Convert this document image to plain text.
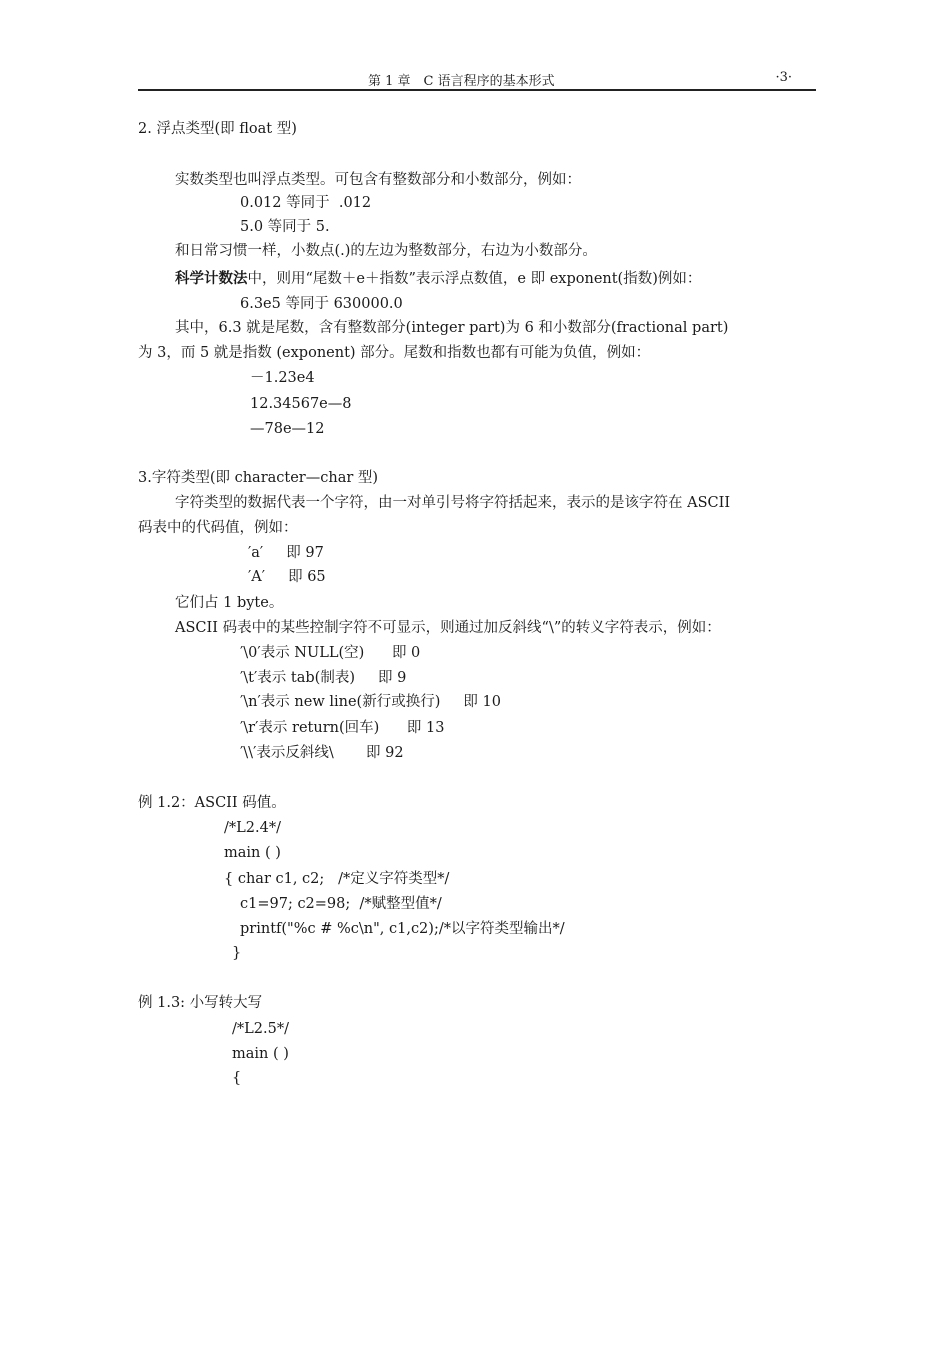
第 1 章　C 语言程序的基本形式	·3·
2. 浮点类型(即 float 型)
实数类型也叫浮点类型。可包含有整数部分和小数部分，例如：
0.012 等同于  .012
5.0 等同于 5.
和日常习惯一样，小数点(.)的左边为整数部分，右边为小数部分。
科学计数法中，则用“尾数＋e＋指数”表示浮点数值，e 即 exponent(指数)例如：
6.3e5 等同于 630000.0
其中，6.3 就是尾数，含有整数部分(integer part)为 6 和小数部分(fractional part)
为 3，而 5 就是指数 (exponent) 部分。尾数和指数也都有可能为负值，例如：
－1.23e4
12.34567e—8
—78e—12
3.字符类型(即 character—char 型)
字符类型的数据代表一个字符，由一对单引号将字符括起来，表示的是该字符在 ASCII
码表中的代码值，例如：
′a′     即 97
′A′     即 65
它们占 1 byte。
ASCII 码表中的某些控制字符不可显示，则通过加反斜线“\”的转义字符表示，例如：
′\0′表示 NULL(空)      即 0
′\t′表示 tab(制表)     即 9
′\n′表示 new line(新行或换行)     即 10
′\r′表示 return(回车)      即 13
′\\′表示反斜线\       即 92
例 1.2：ASCII 码值。
/*L2.4*/
main ( )
{ char c1, c2;   /*定义字符类型*/
c1=97; c2=98;  /*赋整型值*/
printf("%c # %c\n", c1,c2);/*以字符类型输出*/
}
例 1.3: 小写转大写
/*L2.5*/
main ( )
{
